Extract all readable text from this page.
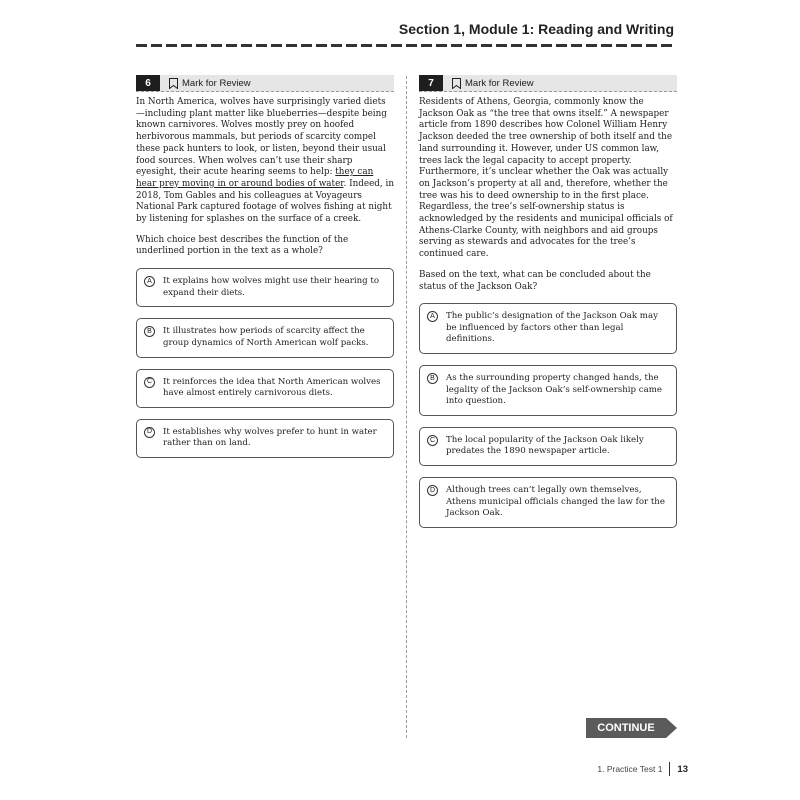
Section 1, Module 1: Reading and Writing
6	Mark for Review

In North America, wolves have surprisingly varied diets—including plant matter like blueberries—despite being known carnivores. Wolves mostly prey on hoofed herbivorous mammals, but periods of scarcity compel these pack hunters to look, or listen, beyond their usual food sources. When wolves can’t use their sharp eyesight, their acute hearing seems to help: they can hear prey moving in or around bodies of water. Indeed, in 2018, Tom Gables and his colleagues at Voyageurs National Park captured footage of wolves fishing at night by listening for splashes on the surface of a creek.

Which choice best describes the function of the underlined portion in the text as a whole?

A	It explains how wolves might use their hearing to expand their diets.
B	It illustrates how periods of scarcity affect the group dynamics of North American wolf packs.
C	It reinforces the idea that North American wolves have almost entirely carnivorous diets.
D	It establishes why wolves prefer to hunt in water rather than on land.
7	Mark for Review

Residents of Athens, Georgia, commonly know the Jackson Oak as “the tree that owns itself.” A newspaper article from 1890 describes how Colonel William Henry Jackson deeded the tree ownership of both itself and the land surrounding it. However, under US common law, trees lack the legal capacity to accept property. Furthermore, it’s unclear whether the Oak was actually on Jackson’s property at all and, therefore, whether the tree was his to deed ownership to in the first place. Regardless, the tree’s self-ownership status is acknowledged by the residents and municipal officials of Athens-Clarke County, with neighbors and aid groups serving as stewards and advocates for the tree’s continued care.

Based on the text, what can be concluded about the status of the Jackson Oak?

A	The public’s designation of the Jackson Oak may be influenced by factors other than legal definitions.
B	As the surrounding property changed hands, the legality of the Jackson Oak’s self-ownership came into question.
C	The local popularity of the Jackson Oak likely predates the 1890 newspaper article.
D	Although trees can’t legally own themselves, Athens municipal officials changed the law for the Jackson Oak.
CONTINUE
1. Practice Test 1 13
